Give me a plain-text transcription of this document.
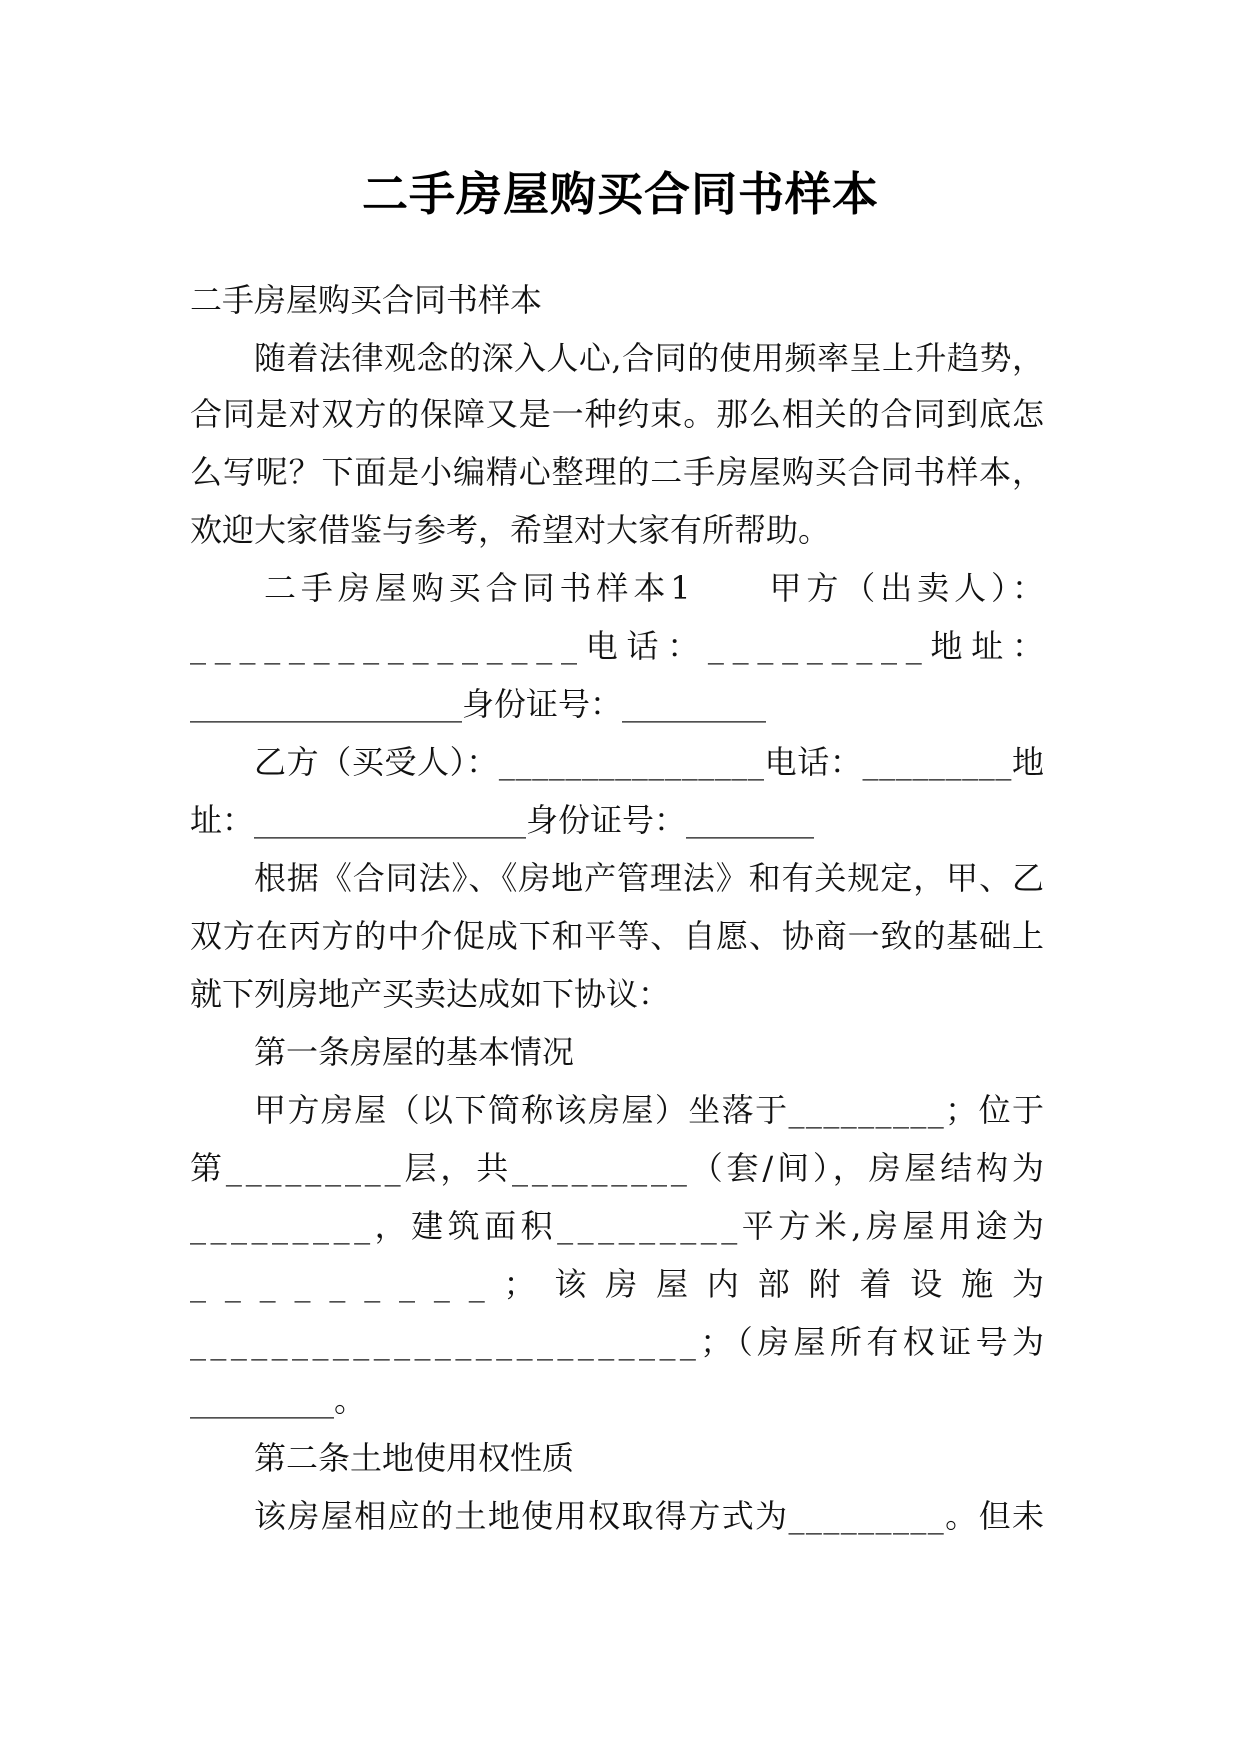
二手房屋购买合同书样本
二手房屋购买合同书样本
随着法律观念的深入人心,合同的使用频率呈上升趋势，
合同是对双方的保障又是一种约束。那么相关的合同到底怎
么写呢？下面是小编精心整理的二手房屋购买合同书样本，
欢迎大家借鉴与参考，希望对大家有所帮助。
二手房屋购买合同书样本1　　甲方（出卖人）：
________________电话：_________地址：
_________________身份证号：_________
乙方（买受人）：________________电话：_________地
址：_________________身份证号：________
根据《合同法》、《房地产管理法》和有关规定，甲、乙
双方在丙方的中介促成下和平等、自愿、协商一致的基础上
就下列房地产买卖达成如下协议：
第一条房屋的基本情况
甲方房屋（以下简称该房屋）坐落于_________；位于
第_________层，共_________（套/间），房屋结构为
_________，建筑面积_________平方米,房屋用途为
_________；该房屋内部附着设施为
_________________________；（房屋所有权证号为
_________。
第二条土地使用权性质
该房屋相应的土地使用权取得方式为_________。但未
